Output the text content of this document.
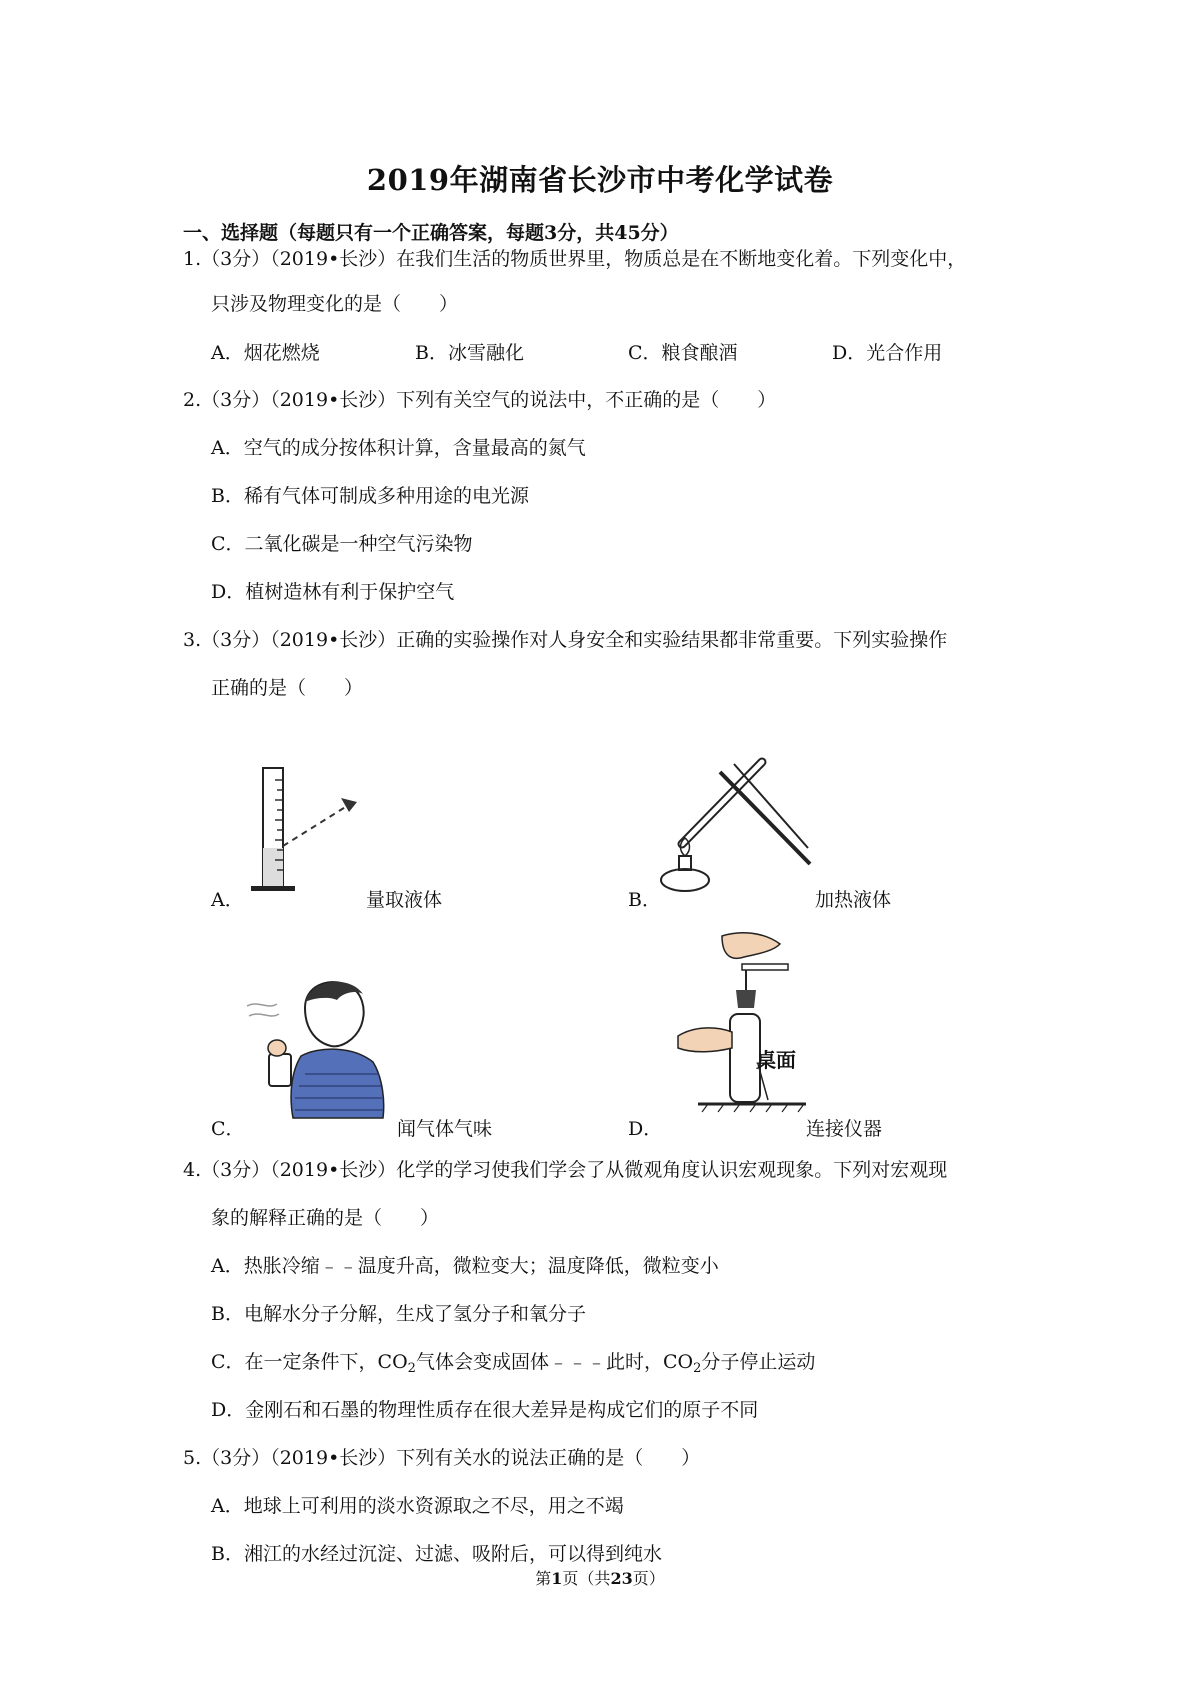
2019年湖南省长沙市中考化学试卷
一、选择题（每题只有一个正确答案，每题3分，共45分）
1.（3分）（2019•长沙）在我们生活的物质世界里，物质总是在不断地变化着。下列变化中，
只涉及物理变化的是（　　）
A．烟花燃烧	B．冰雪融化	C．粮食酿酒	D．光合作用
2.（3分）（2019•长沙）下列有关空气的说法中，不正确的是（　　）
A．空气的成分按体积计算，含量最高的氮气
B．稀有气体可制成多种用途的电光源
C．二氧化碳是一种空气污染物
D．植树造林有利于保护空气
3.（3分）（2019•长沙）正确的实验操作对人身安全和实验结果都非常重要。下列实验操作
正确的是（　　）
A．	量取液体	B．	加热液体
C．	闻气体气味
桌面
D．	连接仪器
4.（3分）（2019•长沙）化学的学习使我们学会了从微观角度认识宏观现象。下列对宏观现
象的解释正确的是（　　）
A．热胀冷缩﹣﹣温度升高，微粒变大；温度降低，微粒变小
B．电解水分子分解，生戍了氢分子和氧分子
C．在一定条件下，$CO_2$气体会变成固体﹣﹣﹣此时，$CO_2$分子停止运动
D．金刚石和石墨的物理性质存在很大差异是构成它们的原子不同
5.（3分）（2019•长沙）下列有关水的说法正确的是（　　）
A．地球上可利用的淡水资源取之不尽，用之不竭
B．湘江的水经过沉淀、过滤、吸附后，可以得到纯水
第1页（共23页）
